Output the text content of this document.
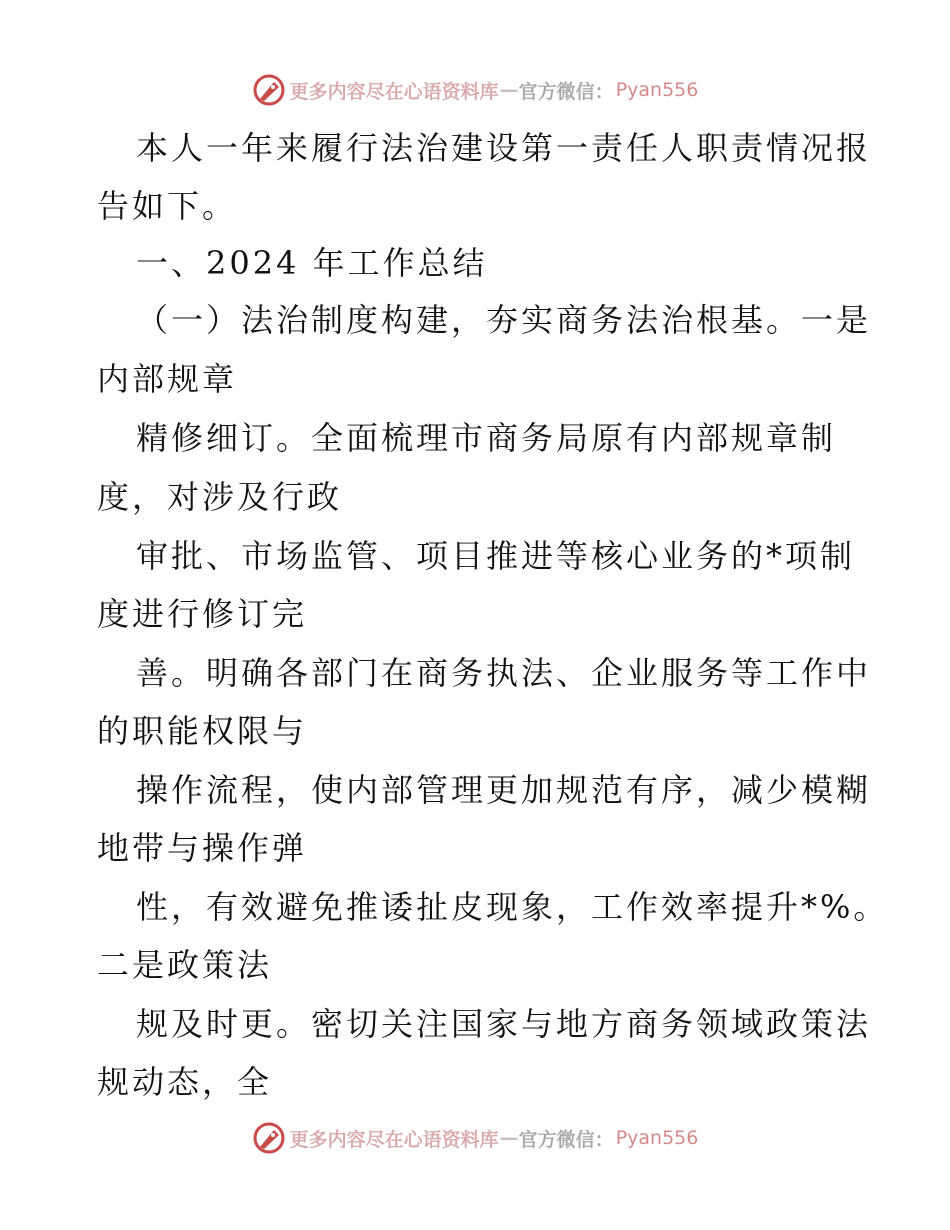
更多内容尽在心语资料库 — 官方微信： Pyan556
本人一年来履行法治建设第一责任人职责情况报
告如下。
一、2024 年工作总结
（一）法治制度构建，夯实商务法治根基。一是
内部规章
精修细订。全面梳理市商务局原有内部规章制
度，对涉及行政
审批、市场监管、项目推进等核心业务的*项制
度进行修订完
善。明确各部门在商务执法、企业服务等工作中
的职能权限与
操作流程，使内部管理更加规范有序，减少模糊
地带与操作弹
性，有效避免推诿扯皮现象，工作效率提升*%。
二是政策法
规及时更。密切关注国家与地方商务领域政策法
规动态，全
更多内容尽在心语资料库 — 官方微信： Pyan556
